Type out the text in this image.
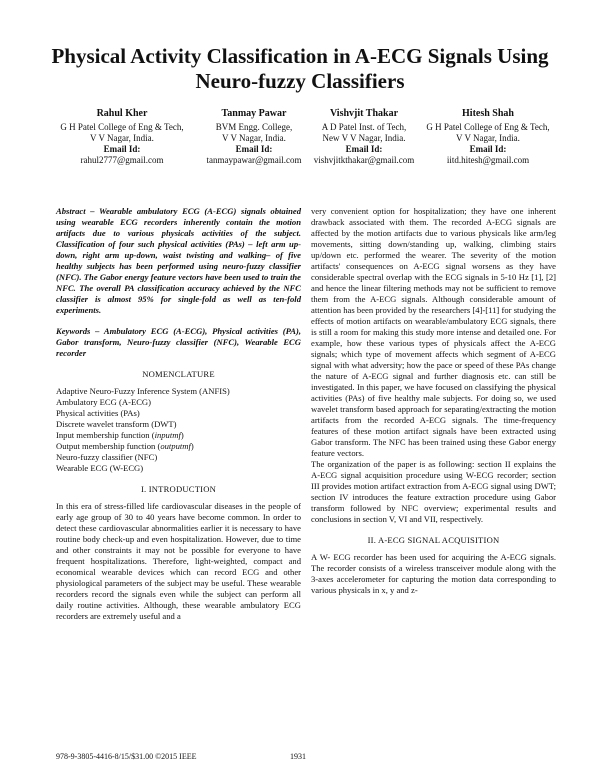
Physical Activity Classification in A-ECG Signals Using Neuro-fuzzy Classifiers
Rahul Kher
G H Patel College of Eng & Tech,
V V Nagar, India.
Email Id:
rahul2777@gmail.com
Tanmay Pawar
BVM Engg. College,
V V Nagar, India.
Email Id:
tanmaypawar@gmail.com
Vishvjit Thakar
A D Patel Inst. of Tech,
New V V Nagar, India.
Email Id:
vishvjitkthakar@gmail.com
Hitesh Shah
G H Patel College of Eng & Tech,
V V Nagar, India.
Email Id:
iitd.hitesh@gmail.com

Abstract – Wearable ambulatory ECG (A-ECG) signals obtained using wearable ECG recorders inherently contain the motion artifacts due to various physicals activities of the subject. Classification of four such physical activities (PAs) – left arm up-down, right arm up-down, waist twisting and walking– of five healthy subjects has been performed using neuro-fuzzy classifier (NFC). The Gabor energy feature vectors have been used to train the NFC. The overall PA classification accuracy achieved by the NFC classifier is almost 95% for single-fold as well as ten-fold experiments.

Keywords – Ambulatory ECG (A-ECG), Physical activities (PA), Gabor transform, Neuro-fuzzy classifier (NFC), Wearable ECG recorder

NOMENCLATURE
Adaptive Neuro-Fuzzy Inference System (ANFIS)
Ambulatory ECG (A-ECG)
Physical activities (PAs)
Discrete wavelet transform (DWT)
Input membership function (inputmf)
Output membership function (outputmf)
Neuro-fuzzy classifier (NFC)
Wearable ECG (W-ECG)
I. INTRODUCTION

In this era of stress-filled life cardiovascular diseases in the people of early age group of 30 to 40 years have become common. In order to detect these cardiovascular abnormalities earlier it is necessary to have routine body check-up and even hospitalization. However, due to time and other constraints it may not be possible for everyone to have frequent hospitalizations. Therefore, light-weighted, compact and economical wearable devices which can record ECG and other physiological parameters of the subject may be useful. These wearable recorders record the signals even while the subject can perform all daily routine activities. Although, these wearable ambulatory ECG recorders are extremely useful and a

very convenient option for hospitalization; they have one inherent drawback associated with them. The recorded A-ECG signals are affected by the motion artifacts due to various physicals like arm/leg movements, sitting down/standing up, walking, climbing stairs up/down etc. performed the wearer. The severity of the motion artifacts' consequences on A-ECG signal worsens as they have considerable spectral overlap with the ECG signals in 5-10 Hz [1], [2] and hence the linear filtering methods may not be sufficient to remove them from the A-ECG signals. Although considerable amount of attention has been provided by the researchers [4]-[11] for studying the effects of motion artifacts on wearable/ambulatory ECG signals, there is still a room for making this study more intense and detailed one. For example, how these various types of physicals affect the A-ECG signals; which type of movement affects which segment of A-ECG signal with what adversity; how the pace or speed of these PAs change the nature of A-ECG signal and further diagnosis etc. can still be investigated. In this paper, we have focused on classifying the physical activities (PAs) of five healthy male subjects. For doing so, we used wavelet transform based approach for separating/extracting the motion artifacts from the recorded A-ECG signals. The time-frequency features of these motion artifact signals have been extracted using Gabor transform. The NFC has been trained using these Gabor energy feature vectors.

The organization of the paper is as following: section II explains the A-ECG signal acquisition procedure using W-ECG recorder; section III provides motion artifact extraction from A-ECG signal using DWT; section IV introduces the feature extraction procedure using Gabor transform followed by NFC overview; experimental results and conclusions in section V, VI and VII, respectively.

II. A-ECG SIGNAL ACQUISITION

A W- ECG recorder has been used for acquiring the A-ECG signals. The recorder consists of a wireless transceiver module along with the 3-axes accelerometer for capturing the motion data corresponding to various physicals in x, y and z-

978-9-3805-4416-8/15/$31.00 ©2015 IEEE	1931
